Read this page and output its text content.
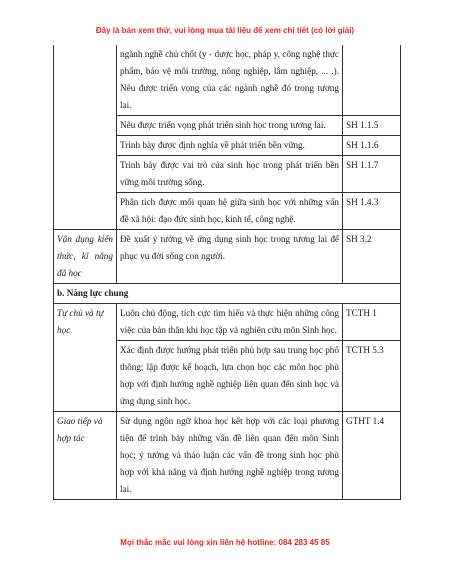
Đây là bản xem thử, vui lòng mua tài liệu để xem chi tiết (có lời giải)
	ngành nghề chủ chốt (y - dược học, pháp y, công nghệ thực phẩm, bảo vệ môi trường, nông nghiệp, lâm nghiệp, ... .). Nêu được triển vọng của các ngành nghề đó trong tương lai.	
	Nêu được triển vọng phát triển sinh học trong tương lai.	SH 1.1.5
	Trình bày được định nghĩa về phát triển bền vững.	SH 1.1.6
	Trình bày được vai trò của sinh học trong phát triển bền vững môi trường sống.	SH 1.1.7
	Phân tích được mối quan hệ giữa sinh học với những vấn đề xã hội: đạo đức sinh học, kinh tế, công nghệ.	SH 1.4.3
Vận dụng kiến thức, kĩ năng đã học	Đề xuất ý tưởng về ứng dụng sinh học trong tương lai để phục vụ đời sống con người.	SH 3.2
b. Năng lực chung		
Tự chủ và tự học	Luôn chủ động, tích cực tìm hiểu và thực hiện những công việc của bản thân khi học tập và nghiên cứu môn Sinh học.	TCTH 1
	Xác định được hướng phát triển phù hợp sau trung học phổ thông; lập được kế hoạch, lựa chọn học các môn học phù hợp với định hướng nghề nghiệp liên quan đến sinh học và ứng dụng sinh học.	TCTH 5.3
Giao tiếp và hợp tác	Sử dụng ngôn ngữ khoa học kết hợp với các loại phương tiện để trình bày những vấn đề liên quan đến môn Sinh học; ý tưởng và thảo luận các vấn đề trong sinh học phù hợp với khả năng và định hướng nghề nghiệp trong tương lai.	GTHT 1.4
Mọi thắc mắc vui lòng xin liên hệ hotline: 084 283 45 85
